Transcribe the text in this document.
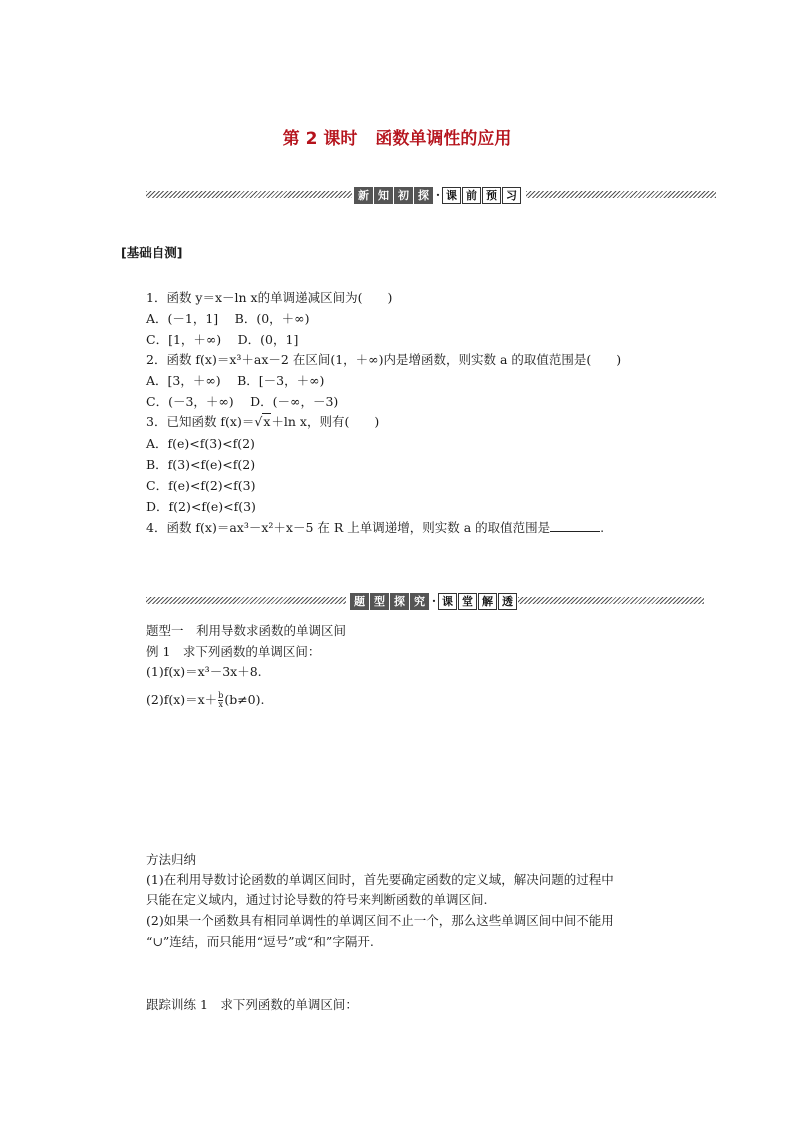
第 2 课时 函数单调性的应用
新 知 初 探 · 课 前 预 习
[基础自测]
1．函数 y＝x－ln x的单调递减区间为(　　)
A．(－1，1]　 B．(0，＋∞)
C．[1，＋∞)　 D．(0，1]
2．函数 f(x)＝x³＋ax－2 在区间(1，＋∞)内是增函数，则实数 a 的取值范围是(　　)
A．[3，＋∞)　 B．[－3，＋∞)
C．(－3，＋∞)　 D．(－∞，－3)
3．已知函数 f(x)＝√x＋ln x，则有(　　)
A．f(e)<f(3)<f(2)
B．f(3)<f(e)<f(2)
C．f(e)<f(2)<f(3)
D．f(2)<f(e)<f(3)
4．函数 f(x)＝ax³－x²＋x－5 在 R 上单调递增，则实数 a 的取值范围是	.
题 型 探 究 · 课 堂 解 透
题型一　利用导数求函数的单调区间
例 1　求下列函数的单调区间：
(1)f(x)＝x³－3x＋8.
$(2)f(x)=x+ \frac{b}{x} (b\ne 0)$.
方法归纳
(1)在利用导数讨论函数的单调区间时，首先要确定函数的定义域，解决问题的过程中
只能在定义域内，通过讨论导数的符号来判断函数的单调区间.
(2)如果一个函数具有相同单调性的单调区间不止一个，那么这些单调区间中间不能用
“∪”连结，而只能用“逗号”或“和”字隔开.
跟踪训练 1　求下列函数的单调区间：
